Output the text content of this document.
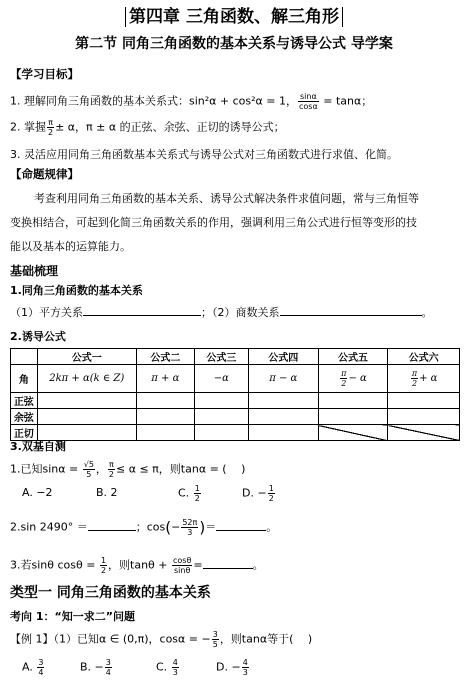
第四章 三角函数、解三角形
第二节 同角三角函数的基本关系与诱导公式 导学案
【学习目标】
1. 理解同角三角函数的基本关系式：sin²α + cos²α = 1， $\frac{\sin\alpha}{\cos\alpha} = \tan\alpha$；
2. 掌握 $\frac{\pi}{2} \pm \alpha$，π ± α 的正弦、余弦、正切的诱导公式；
3. 灵活应用同角三角函数基本关系式与诱导公式对三角函数式进行求值、化简。
【命题规律】
考查利用同角三角函数的基本关系、诱导公式解决条件求值问题，常与三角恒等
变换相结合，可起到化简三角函数关系的作用，强调利用三角公式进行恒等变形的技
能以及基本的运算能力。
基础梳理
1.同角三角函数的基本关系
（1）平方关系	；（2）商数关系	。
2.诱导公式
	公式一	公式二	公式三	公式四	公式五	公式六
角	2kπ + α(k ∈ Z)	π + α	−α	π − α	$\frac{\pi}{2} - \alpha$	$\frac{\pi}{2} + \alpha$
正弦						
余弦						
正切						
3.双基自测
1.已知$\sin\alpha = \frac{√5}{5}$ ， $\frac{\pi}{2} \le \alpha \le \pi$，则tanα = (　 )
A. −2	B. 2	C. $\frac{1}{2}$	D. − $\frac{1}{2}$
2.sin 2490° ＝	；$\cos(- \frac{52\pi}{3}$ )＝	。
3.若sinθ $\cos\theta = \frac{1}{2}$ ，则$\tan\theta + \frac{\cos\theta}{\sin\theta}$ =	。
类型一 同角三角函数的基本关系
考向 1：“知一求二”问题
【例 1】（1）已知α ∈ (0,π)，cosα = − $\frac{3}{5}$ ，则tanα等于(　 )
A. $\frac{3}{4}$	B. − $\frac{3}{4}$	C. $\frac{4}{3}$	D. − $\frac{4}{3}$
